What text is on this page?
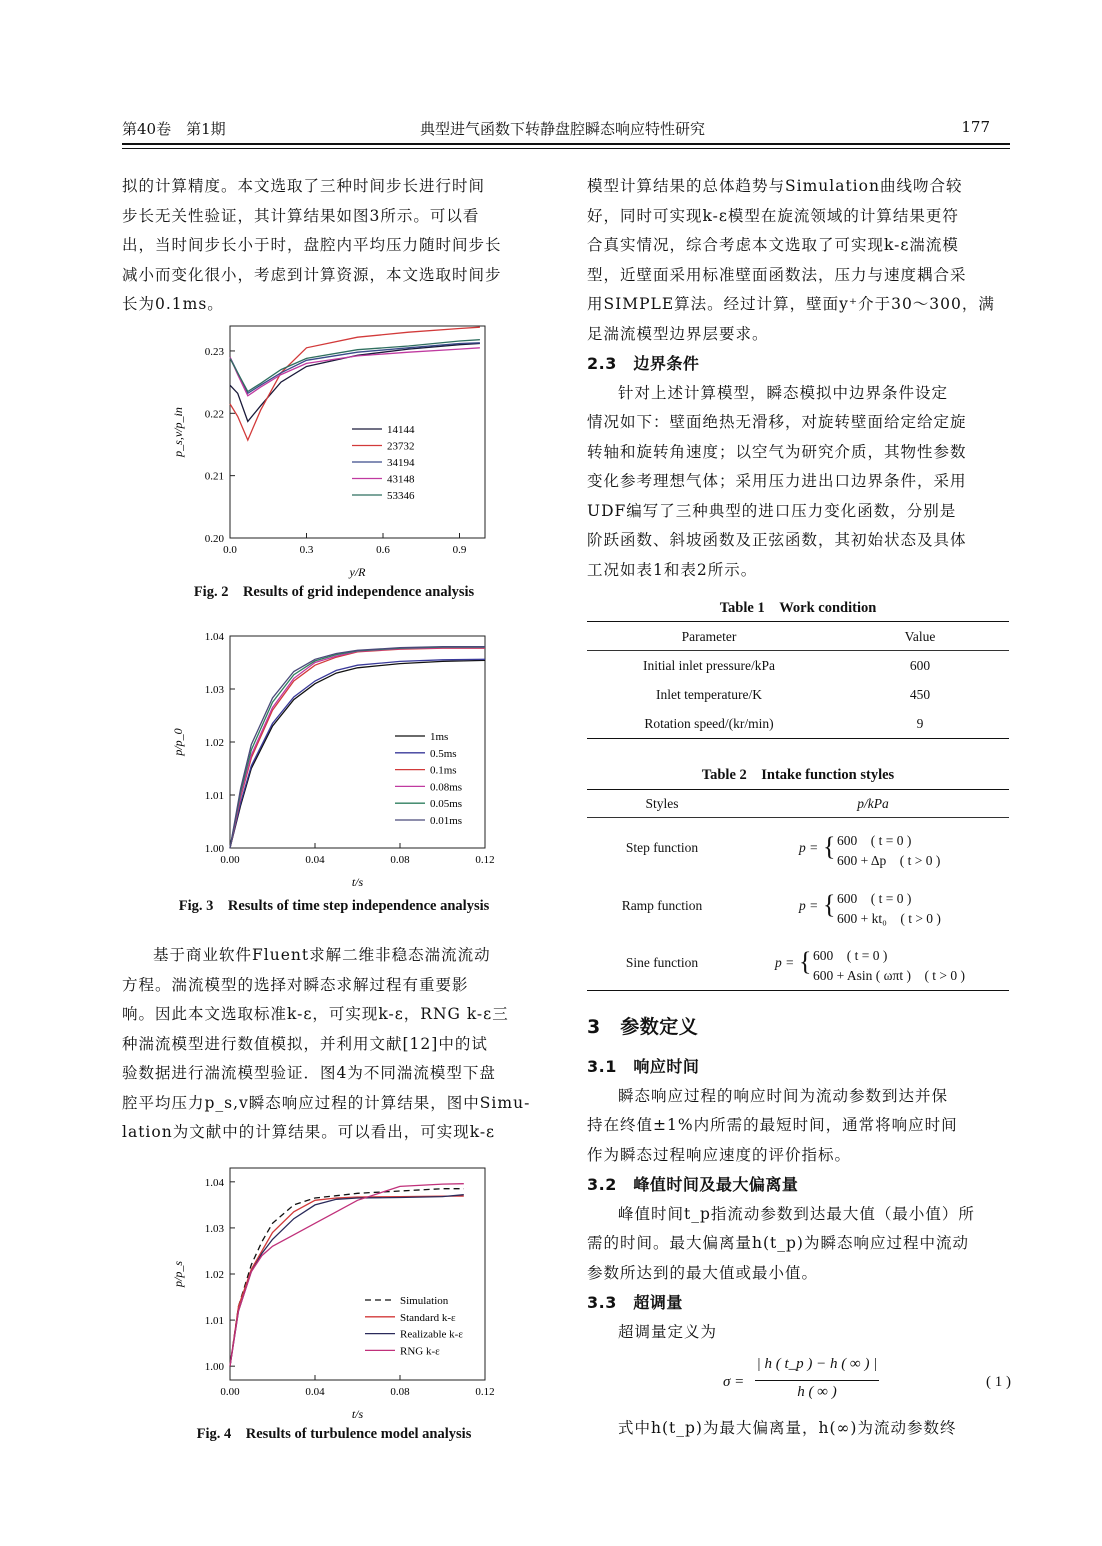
第40卷　第1期	典型进气函数下转静盘腔瞬态响应特性研究	177

拟的计算精度。本文选取了三种时间步长进行时间

步长无关性验证，其计算结果如图3所示。可以看

出，当时间步长小于时，盘腔内平均压力随时间步长

减小而变化很小，考虑到计算资源，本文选取时间步

长为0.1ms。

0.20
0.21
0.22
0.23
0.0	0.3	0.6	0.9
y/R
p_s,v/p_in	14144
23732
34194
43148
53346
Fig. 2　Results of grid independence analysis
1.00
1.01
1.02
1.03
1.04
0.00	0.04	0.08	0.12
t/s
p/p_0	1ms
0.5ms
0.1ms
0.08ms
0.05ms
0.01ms
Fig. 3　Results of time step independence analysis

基于商业软件Fluent求解二维非稳态湍流流动

方程。湍流模型的选择对瞬态求解过程有重要影

响。因此本文选取标准k-ε，可实现k-ε，RNG k-ε三

种湍流模型进行数值模拟，并利用文献[12]中的试

验数据进行湍流模型验证．图4为不同湍流模型下盘

腔平均压力p_s,v瞬态响应过程的计算结果，图中Simu-

lation为文献中的计算结果。可以看出，可实现k-ε

1.00
1.01
1.02
1.03
1.04
0.00	0.04	0.08	0.12
t/s
p/p_s
Simulation
Standard k-ε
Realizable k-ε
RNG k-ε
Fig. 4　Results of turbulence model analysis

模型计算结果的总体趋势与Simulation曲线吻合较

好，同时可实现k-ε模型在旋流领域的计算结果更符

合真实情况，综合考虑本文选取了可实现k-ε湍流模

型，近壁面采用标准壁面函数法，压力与速度耦合采

用SIMPLE算法。经过计算，壁面y⁺介于30～300，满

足湍流模型边界层要求。

2.3　边界条件

针对上述计算模型，瞬态模拟中边界条件设定

情况如下：壁面绝热无滑移，对旋转壁面给定给定旋

转轴和旋转角速度；以空气为研究介质，其物性参数

变化参考理想气体；采用压力进出口边界条件，采用

UDF编写了三种典型的进口压力变化函数，分别是

阶跃函数、斜坡函数及正弦函数，其初始状态及具体

工况如表1和表2所示。

Table 1　Work condition
Parameter	Value
Initial inlet pressure/kPa	600
Inlet temperature/K	450
Rotation speed/(kr/min)	9
Table 2　Intake function styles
Styles	p/kPa
Step function	p = { 600　( t = 0 )
600 + Δp　( t > 0 )
Ramp function	p = { 600　( t = 0 )
600 + kt₀　( t > 0 )
Sine function	p = { 600　( t = 0 )
600 + Asin ( ωπt )　( t > 0 )

3　参数定义

3.1　响应时间

瞬态响应过程的响应时间为流动参数到达并保

持在终值±1%内所需的最短时间，通常将响应时间

作为瞬态过程响应速度的评价指标。

3.2　峰值时间及最大偏离量

峰值时间t_p指流动参数到达最大值（最小值）所

需的时间。最大偏离量h(t_p)为瞬态响应过程中流动

参数所达到的最大值或最小值。

3.3　超调量

超调量定义为

σ =
| h ( t_p ) − h ( ∞ ) |
h ( ∞ )
( 1 )

式中h(t_p)为最大偏离量，h(∞)为流动参数终
